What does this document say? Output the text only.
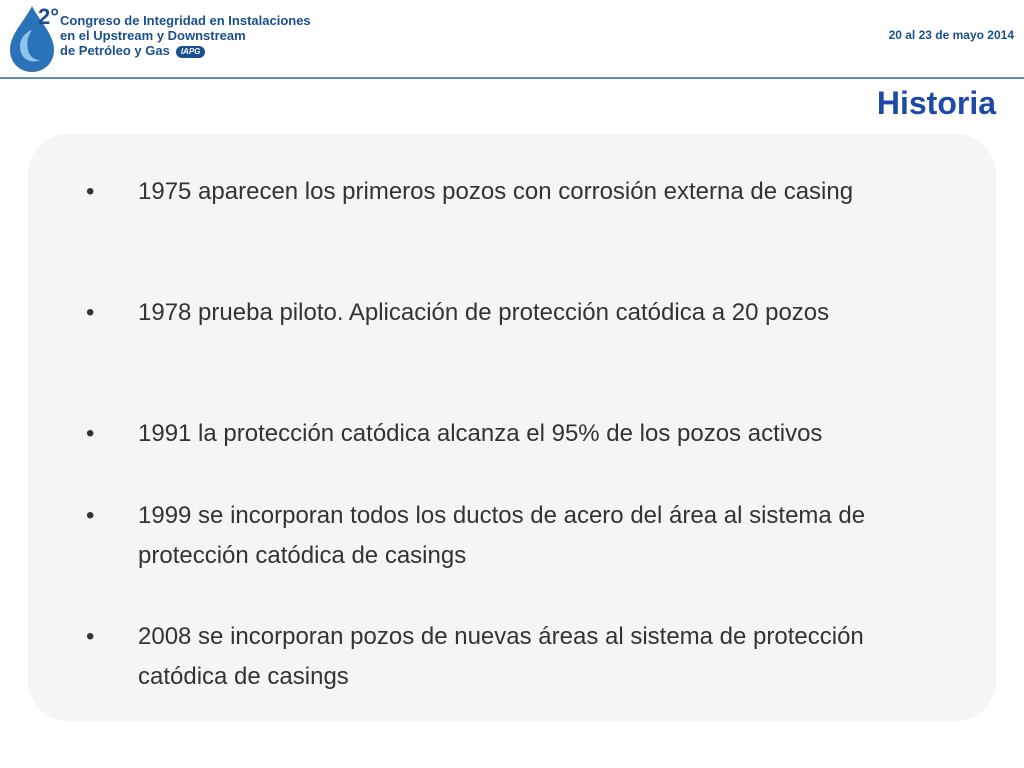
2° Congreso de Integridad en Instalaciones
en el Upstream y Downstream
de Petróleo y Gas IAPG
20 al 23 de mayo 2014
Historia
• 1975 aparecen los primeros pozos con corrosión externa de casing
• 1978 prueba piloto. Aplicación de protección catódica a 20 pozos
• 1991 la protección catódica alcanza el 95% de los pozos activos
• 1999 se incorporan todos los ductos de acero del área al sistema de protección catódica de casings
• 2008 se incorporan pozos de nuevas áreas al sistema de protección catódica de casings
